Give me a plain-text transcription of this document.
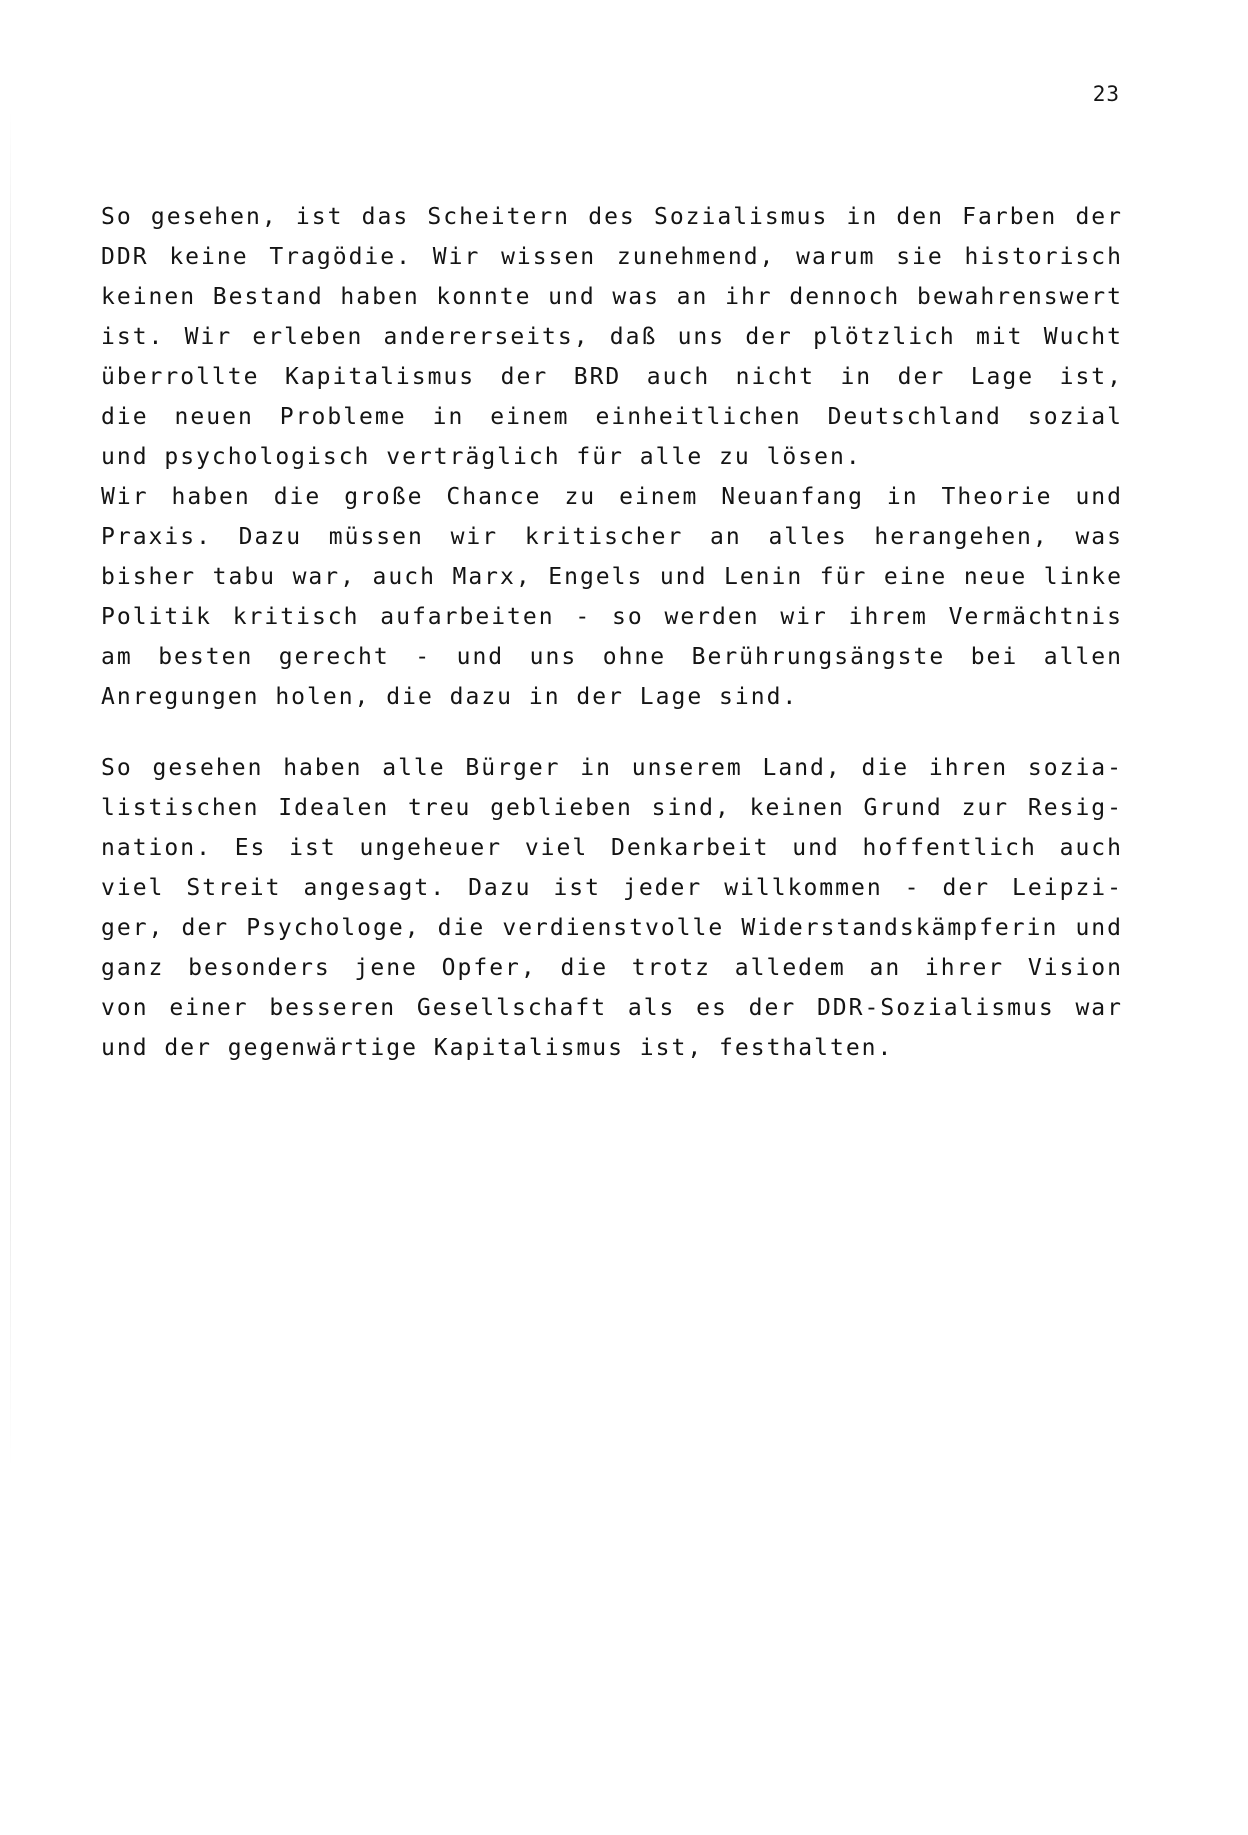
23
So gesehen, ist das Scheitern des Sozialismus in den Farben der
DDR keine Tragödie. Wir wissen zunehmend, warum sie historisch
keinen Bestand haben konnte und was an ihr dennoch bewahrenswert
ist. Wir erleben andererseits, daß uns der plötzlich mit Wucht
überrollte Kapitalismus der BRD auch nicht in der Lage ist,
die neuen Probleme in einem einheitlichen Deutschland sozial
und psychologisch verträglich für alle zu lösen.
Wir haben die große Chance zu einem Neuanfang in Theorie und
Praxis. Dazu müssen wir kritischer an alles herangehen, was
bisher tabu war, auch Marx, Engels und Lenin für eine neue linke
Politik kritisch aufarbeiten - so werden wir ihrem Vermächtnis
am besten gerecht - und uns ohne Berührungsängste bei allen
Anregungen holen, die dazu in der Lage sind.
So gesehen haben alle Bürger in unserem Land, die ihren sozia-
listischen Idealen treu geblieben sind, keinen Grund zur Resig-
nation. Es ist ungeheuer viel Denkarbeit und hoffentlich auch
viel Streit angesagt. Dazu ist jeder willkommen - der Leipzi-
ger, der Psychologe, die verdienstvolle Widerstandskämpferin und
ganz besonders jene Opfer, die trotz alledem an ihrer Vision
von einer besseren Gesellschaft als es der DDR-Sozialismus war
und der gegenwärtige Kapitalismus ist, festhalten.
